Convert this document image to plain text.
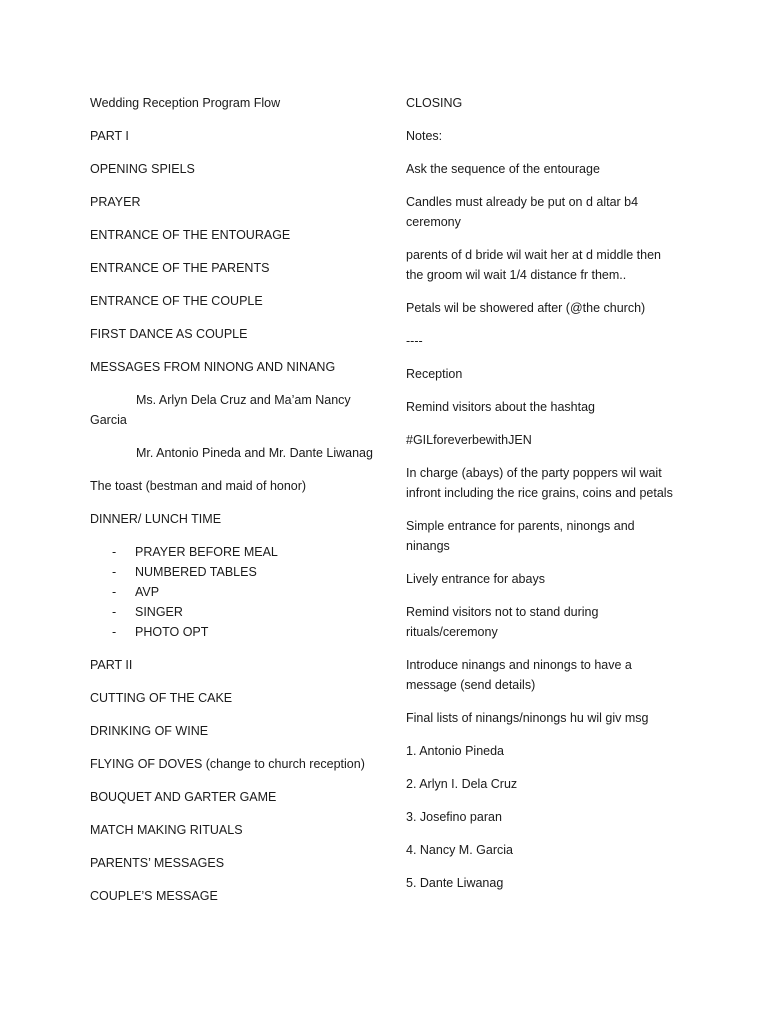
Wedding Reception Program Flow

PART I

OPENING SPIELS

PRAYER

ENTRANCE OF THE ENTOURAGE

ENTRANCE OF THE PARENTS

ENTRANCE OF THE COUPLE

FIRST DANCE AS COUPLE

MESSAGES FROM NINONG AND NINANG

Ms. Arlyn Dela Cruz and Ma’am Nancy Garcia

Mr. Antonio Pineda and Mr. Dante Liwanag

The toast (bestman and maid of honor)

DINNER/ LUNCH TIME

- PRAYER BEFORE MEAL
- NUMBERED TABLES
- AVP
- SINGER
- PHOTO OPT

PART II

CUTTING OF THE CAKE

DRINKING OF WINE

FLYING OF DOVES (change to church reception)

BOUQUET AND GARTER GAME

MATCH MAKING RITUALS

PARENTS’ MESSAGES

COUPLE’S MESSAGE

CLOSING

Notes:

Ask the sequence of the entourage

Candles must already be put on d altar b4 ceremony

parents of d bride wil wait her at d middle then the groom wil wait 1/4 distance fr them..

Petals wil be showered after (@the church)

----

Reception

Remind visitors about the hashtag

#GILforeverbewithJEN

In charge (abays) of the party poppers wil wait infront including the rice grains, coins and petals

Simple entrance for parents, ninongs and ninangs

Lively entrance for abays

Remind visitors not to stand during rituals/ceremony

Introduce ninangs and ninongs to have a message (send details)

Final lists of ninangs/ninongs hu wil giv msg

1. Antonio Pineda

2. Arlyn I. Dela Cruz

3. Josefino paran

4. Nancy M. Garcia

5. Dante Liwanag
